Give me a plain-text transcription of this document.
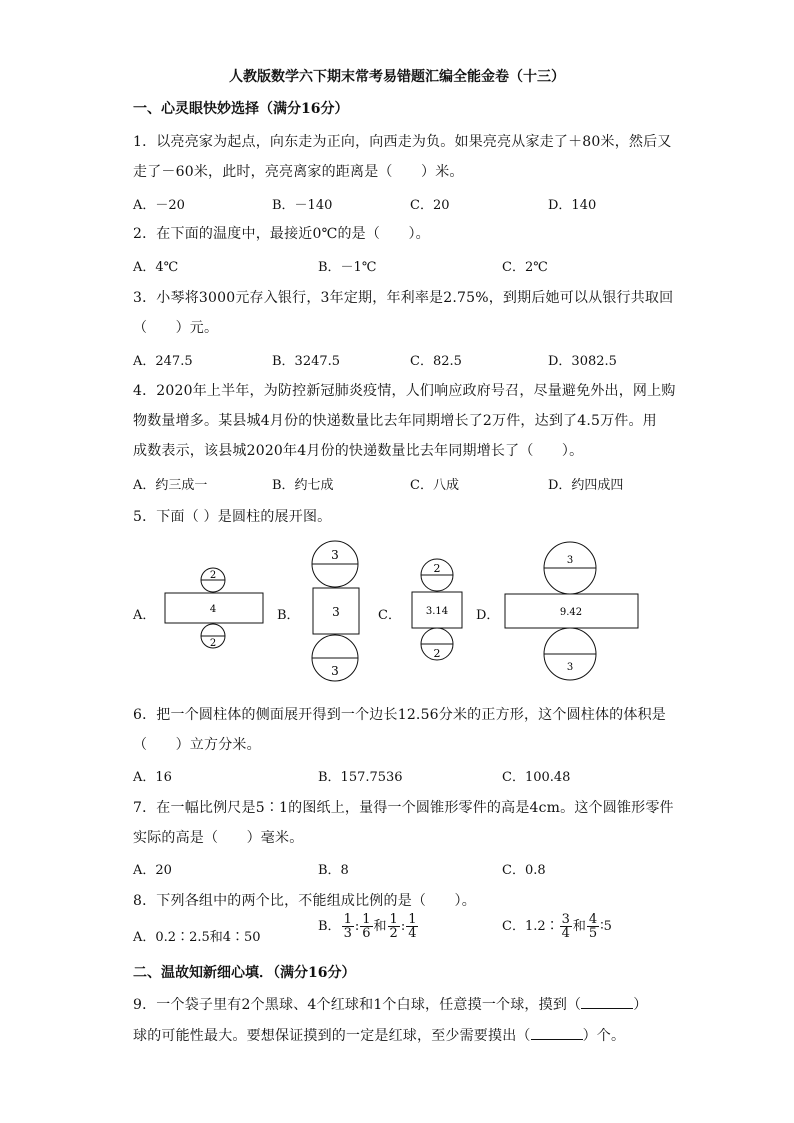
人教版数学六下期末常考易错题汇编全能金卷（十三）
一、心灵眼快妙选择（满分16分）
1．以亮亮家为起点，向东走为正向，向西走为负。如果亮亮从家走了＋80米，然后又
走了－60米，此时，亮亮离家的距离是（　　）米。
A．－20	B．－140	C．20	D．140
2．在下面的温度中，最接近0℃的是（　　）。
A．4℃	B．－1℃	C．2℃
3．小琴将3000元存入银行，3年定期，年利率是2.75%，到期后她可以从银行共取回
（　　）元。
A．247.5	B．3247.5	C．82.5	D．3082.5
4．2020年上半年，为防控新冠肺炎疫情，人们响应政府号召，尽量避免外出，网上购
物数量增多。某县城4月份的快递数量比去年同期增长了2万件，达到了4.5万件。用
成数表示，该县城2020年4月份的快递数量比去年同期增长了（　　）。
A．约三成一	B．约七成	C．八成	D．约四成四
5．下面（ ）是圆柱的展开图。
A．	B．	C．	D．
2
4
2
3
3
3
2
3.14
2
3
9.42
3
6．把一个圆柱体的侧面展开得到一个边长12.56分米的正方形，这个圆柱体的体积是
（　　）立方分米。
A．16	B．157.7536	C．100.48
7．在一幅比例尺是5∶1的图纸上，量得一个圆锥形零件的高是4cm。这个圆锥形零件
实际的高是（　　）毫米。
A．20	B．8	C．0.8
8．下列各组中的两个比，不能组成比例的是（　　）。
A．0.2∶2.5和4∶50
B． $\frac{1}{3}$ : $\frac{1}{6}$ 和 $\frac{1}{2}$ : $\frac{1}{4}$	C．1.2∶ $\frac{3}{4}$ 和 $\frac{4}{5}$ ∶5
二、温故知新细心填．（满分16分）
9．一个袋子里有2个黑球、4个红球和1个白球，任意摸一个球，摸到（	）
球的可能性最大。要想保证摸到的一定是红球，至少需要摸出（	）个。
